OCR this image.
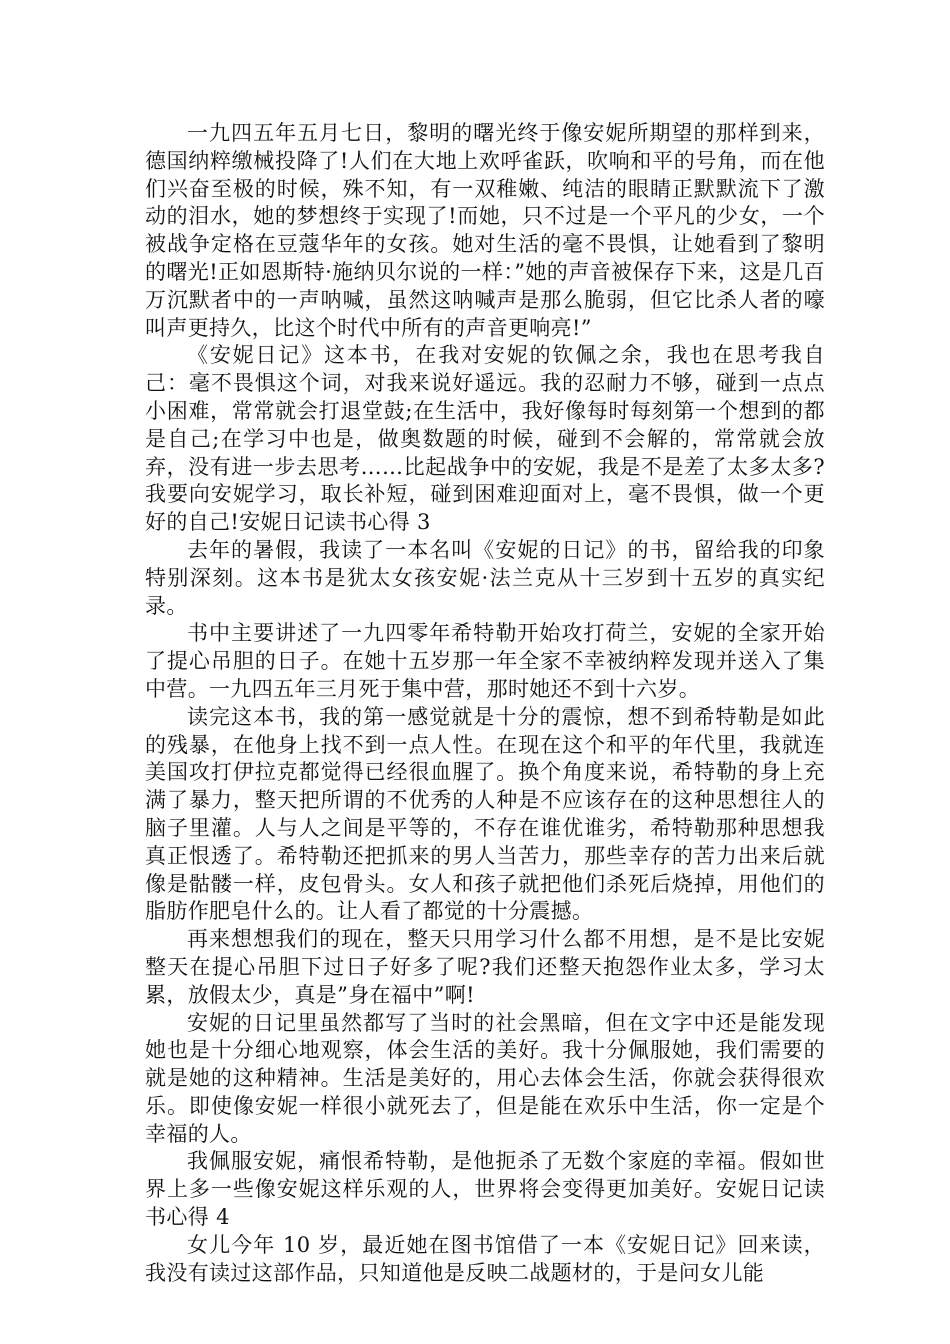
一九四五年五月七日，黎明的曙光终于像安妮所期望的那样到来，德国纳粹缴械投降了!人们在大地上欢呼雀跃，吹响和平的号角，而在他们兴奋至极的时候，殊不知，有一双稚嫩、纯洁的眼睛正默默流下了激动的泪水，她的梦想终于实现了!而她，只不过是一个平凡的少女，一个被战争定格在豆蔻华年的女孩。她对生活的毫不畏惧，让她看到了黎明的曙光!正如恩斯特·施纳贝尔说的一样：”她的声音被保存下来，这是几百万沉默者中的一声呐喊，虽然这呐喊声是那么脆弱，但它比杀人者的嚎叫声更持久，比这个时代中所有的声音更响亮!”

《安妮日记》这本书，在我对安妮的钦佩之余，我也在思考我自己：毫不畏惧这个词，对我来说好遥远。我的忍耐力不够，碰到一点点小困难，常常就会打退堂鼓;在生活中，我好像每时每刻第一个想到的都是自己;在学习中也是，做奥数题的时候，碰到不会解的，常常就会放弃，没有进一步去思考……比起战争中的安妮，我是不是差了太多太多?我要向安妮学习，取长补短，碰到困难迎面对上，毫不畏惧，做一个更好的自己!安妮日记读书心得 3

去年的暑假，我读了一本名叫《安妮的日记》的书，留给我的印象特别深刻。这本书是犹太女孩安妮·法兰克从十三岁到十五岁的真实纪录。

书中主要讲述了一九四零年希特勒开始攻打荷兰，安妮的全家开始了提心吊胆的日子。在她十五岁那一年全家不幸被纳粹发现并送入了集中营。一九四五年三月死于集中营，那时她还不到十六岁。

读完这本书，我的第一感觉就是十分的震惊，想不到希特勒是如此的残暴，在他身上找不到一点人性。在现在这个和平的年代里，我就连美国攻打伊拉克都觉得已经很血腥了。换个角度来说，希特勒的身上充满了暴力，整天把所谓的不优秀的人种是不应该存在的这种思想往人的脑子里灌。人与人之间是平等的，不存在谁优谁劣，希特勒那种思想我真正恨透了。希特勒还把抓来的男人当苦力，那些幸存的苦力出来后就像是骷髅一样，皮包骨头。女人和孩子就把他们杀死后烧掉，用他们的脂肪作肥皂什么的。让人看了都觉的十分震撼。

再来想想我们的现在，整天只用学习什么都不用想，是不是比安妮整天在提心吊胆下过日子好多了呢?我们还整天抱怨作业太多，学习太累，放假太少，真是”身在福中”啊!

安妮的日记里虽然都写了当时的社会黑暗，但在文字中还是能发现她也是十分细心地观察，体会生活的美好。我十分佩服她，我们需要的就是她的这种精神。生活是美好的，用心去体会生活，你就会获得很欢乐。即使像安妮一样很小就死去了，但是能在欢乐中生活，你一定是个幸福的人。

我佩服安妮，痛恨希特勒，是他扼杀了无数个家庭的幸福。假如世界上多一些像安妮这样乐观的人，世界将会变得更加美好。安妮日记读书心得 4

女儿今年 10 岁，最近她在图书馆借了一本《安妮日记》回来读，我没有读过这部作品，只知道他是反映二战题材的，于是问女儿能
